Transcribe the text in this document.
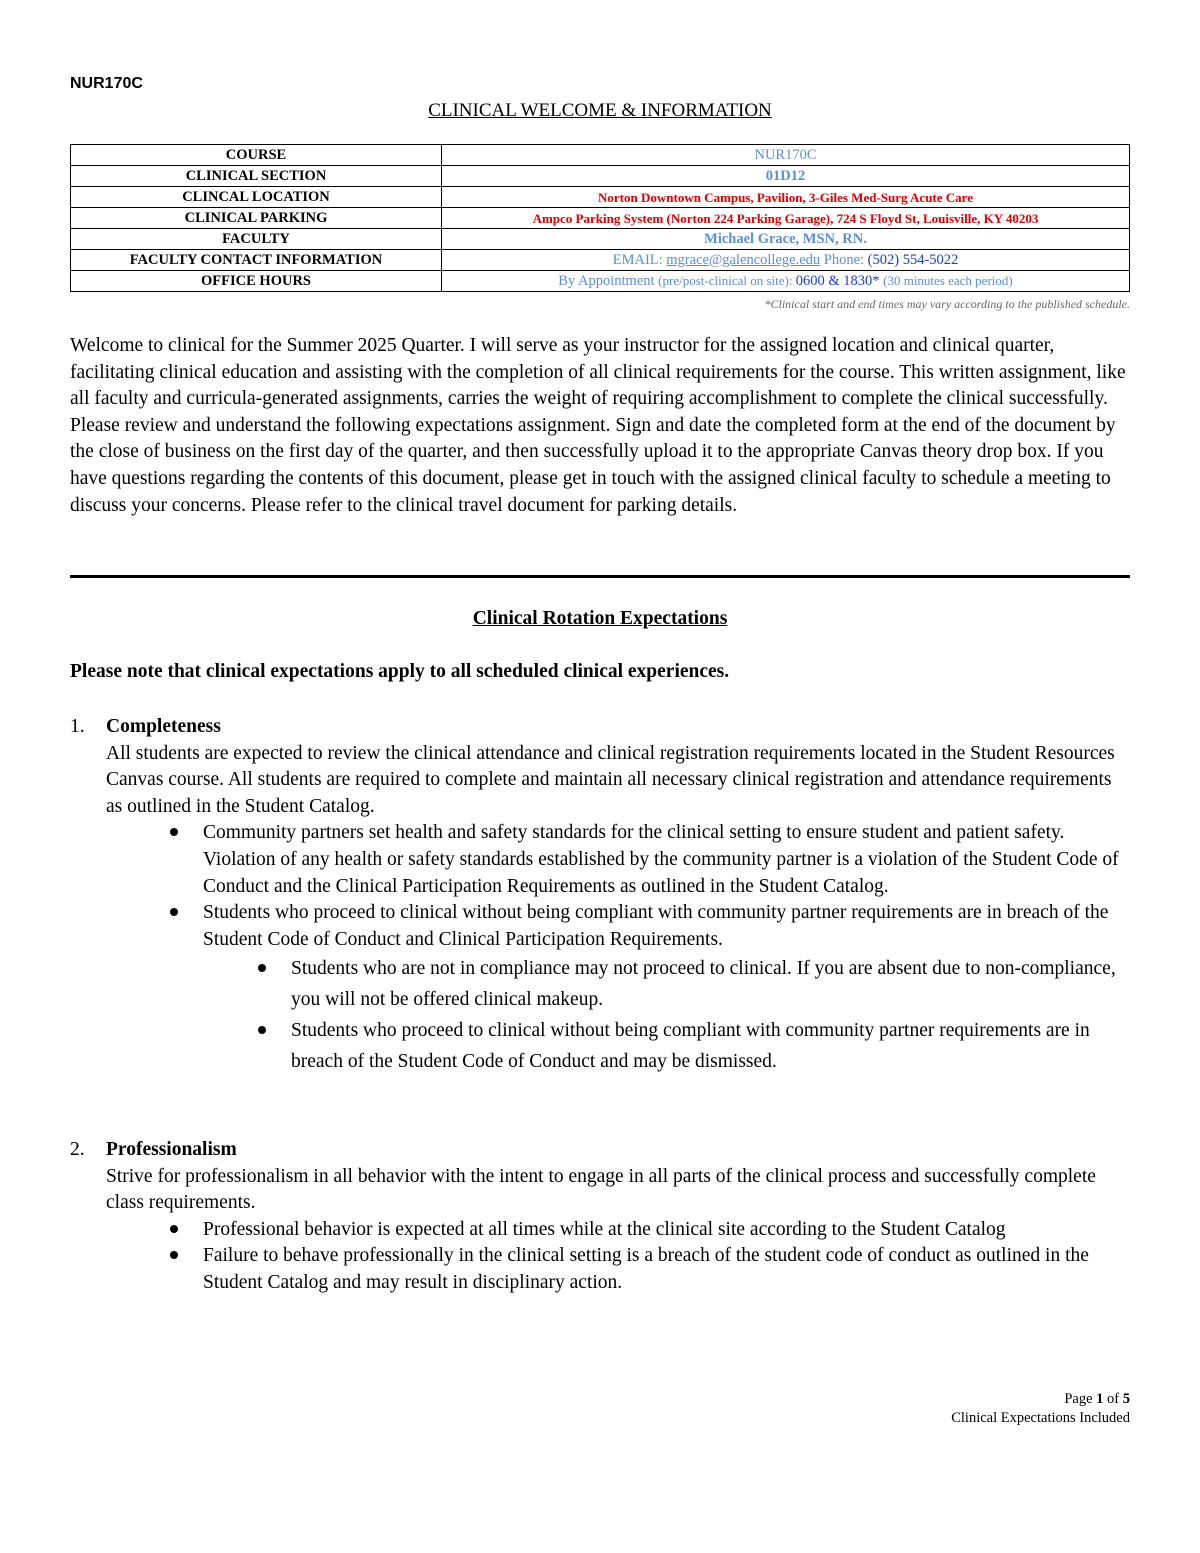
NUR170C
CLINICAL WELCOME & INFORMATION
COURSE	NUR170C
CLINICAL SECTION	01D12
CLINCAL LOCATION	Norton Downtown Campus, Pavilion, 3-Giles Med-Surg Acute Care
CLINICAL PARKING	Ampco Parking System (Norton 224 Parking Garage), 724 S Floyd St, Louisville, KY 40203
FACULTY	Michael Grace, MSN, RN.
FACULTY CONTACT INFORMATION	EMAIL: mgrace@galencollege.edu Phone: (502) 554-5022
OFFICE HOURS	By Appointment (pre/post-clinical on site): 0600 & 1830* (30 minutes each period)
*Clinical start and end times may vary according to the published schedule.
Welcome to clinical for the Summer 2025 Quarter. I will serve as your instructor for the assigned location and clinical quarter, facilitating clinical education and assisting with the completion of all clinical requirements for the course. This written assignment, like all faculty and curricula-generated assignments, carries the weight of requiring accomplishment to complete the clinical successfully. Please review and understand the following expectations assignment. Sign and date the completed form at the end of the document by the close of business on the first day of the quarter, and then successfully upload it to the appropriate Canvas theory drop box. If you have questions regarding the contents of this document, please get in touch with the assigned clinical faculty to schedule a meeting to discuss your concerns. Please refer to the clinical travel document for parking details.
Clinical Rotation Expectations
Please note that clinical expectations apply to all scheduled clinical experiences.
1. Completeness
All students are expected to review the clinical attendance and clinical registration requirements located in the Student Resources Canvas course. All students are required to complete and maintain all necessary clinical registration and attendance requirements as outlined in the Student Catalog.
Community partners set health and safety standards for the clinical setting to ensure student and patient safety. Violation of any health or safety standards established by the community partner is a violation of the Student Code of Conduct and the Clinical Participation Requirements as outlined in the Student Catalog.
Students who proceed to clinical without being compliant with community partner requirements are in breach of the Student Code of Conduct and Clinical Participation Requirements.
Students who are not in compliance may not proceed to clinical. If you are absent due to non-compliance, you will not be offered clinical makeup.
Students who proceed to clinical without being compliant with community partner requirements are in breach of the Student Code of Conduct and may be dismissed.
2. Professionalism
Strive for professionalism in all behavior with the intent to engage in all parts of the clinical process and successfully complete class requirements.
Professional behavior is expected at all times while at the clinical site according to the Student Catalog
Failure to behave professionally in the clinical setting is a breach of the student code of conduct as outlined in the Student Catalog and may result in disciplinary action.
Page 1 of 5
Clinical Expectations Included
